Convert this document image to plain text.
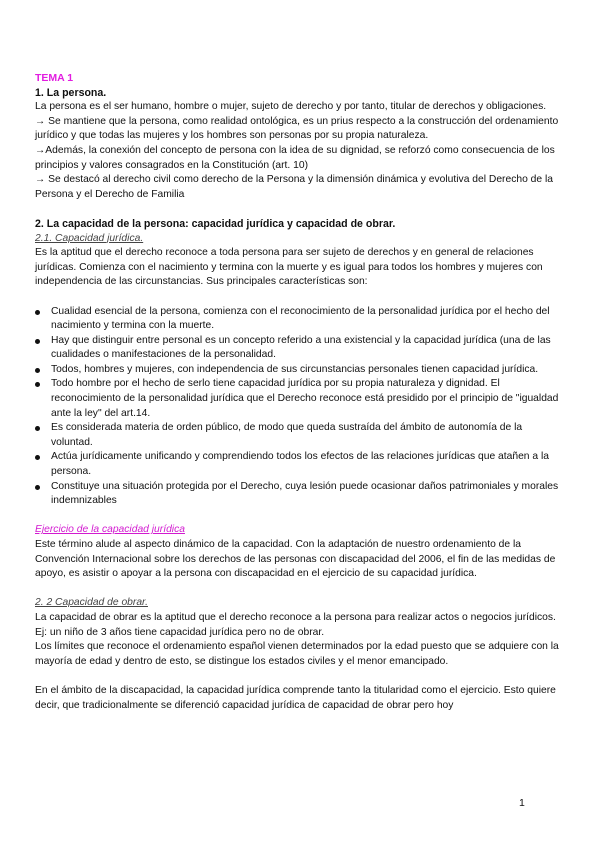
TEMA 1

1. La persona.

La persona es el ser humano, hombre o mujer, sujeto de derecho y por tanto, titular de derechos y obligaciones.

→ Se mantiene que la persona, como realidad ontológica, es un prius respecto a la construcción del ordenamiento jurídico y que todas las mujeres y los hombres son personas por su propia naturaleza.

→Además, la conexión del concepto de persona con la idea de su dignidad, se reforzó como consecuencia de los principios y valores consagrados en la Constitución (art. 10)

→ Se destacó al derecho civil como derecho de la Persona y la dimensión dinámica y evolutiva del Derecho de la Persona y el Derecho de Familia

2. La capacidad de la persona: capacidad jurídica y capacidad de obrar.

2.1. Capacidad jurídica.

Es la aptitud que el derecho reconoce a toda persona para ser sujeto de derechos y en general de relaciones jurídicas. Comienza con el nacimiento y termina con la muerte y es igual para todos los hombres y mujeres con independencia de las circunstancias. Sus principales características son:

Cualidad esencial de la persona, comienza con el reconocimiento de la personalidad jurídica por el hecho del nacimiento y termina con la muerte.
Hay que distinguir entre personal es un concepto referido a una existencial y la capacidad jurídica (una de las cualidades o manifestaciones de la personalidad.
Todos, hombres y mujeres, con independencia de sus circunstancias personales tienen capacidad jurídica.
Todo hombre por el hecho de serlo tiene capacidad jurídica por su propia naturaleza y dignidad. El reconocimiento de la personalidad jurídica que el Derecho reconoce está presidido por el principio de "igualdad ante la ley" del art.14.
Es considerada materia de orden público, de modo que queda sustraída del ámbito de autonomía de la voluntad.
Actúa jurídicamente unificando y comprendiendo todos los efectos de las relaciones jurídicas que atañen a la persona.
Constituye una situación protegida por el Derecho, cuya lesión puede ocasionar daños patrimoniales y morales indemnizables

Ejercicio de la capacidad jurídica

Este término alude al aspecto dinámico de la capacidad. Con la adaptación de nuestro ordenamiento de la Convención Internacional sobre los derechos de las personas con discapacidad del 2006, el fin de las medidas de apoyo, es asistir o apoyar a la persona con discapacidad en el ejercicio de su capacidad jurídica.

2. 2 Capacidad de obrar.

La capacidad de obrar es la aptitud que el derecho reconoce a la persona para realizar actos o negocios jurídicos. Ej: un niño de 3 años tiene capacidad jurídica pero no de obrar.

Los límites que reconoce el ordenamiento español vienen determinados por la edad puesto que se adquiere con la mayoría de edad y dentro de esto, se distingue los estados civiles y el menor emancipado.

En el ámbito de la discapacidad, la capacidad jurídica comprende tanto la titularidad como el ejercicio. Esto quiere decir, que tradicionalmente se diferenció capacidad jurídica de capacidad de obrar pero hoy

1
